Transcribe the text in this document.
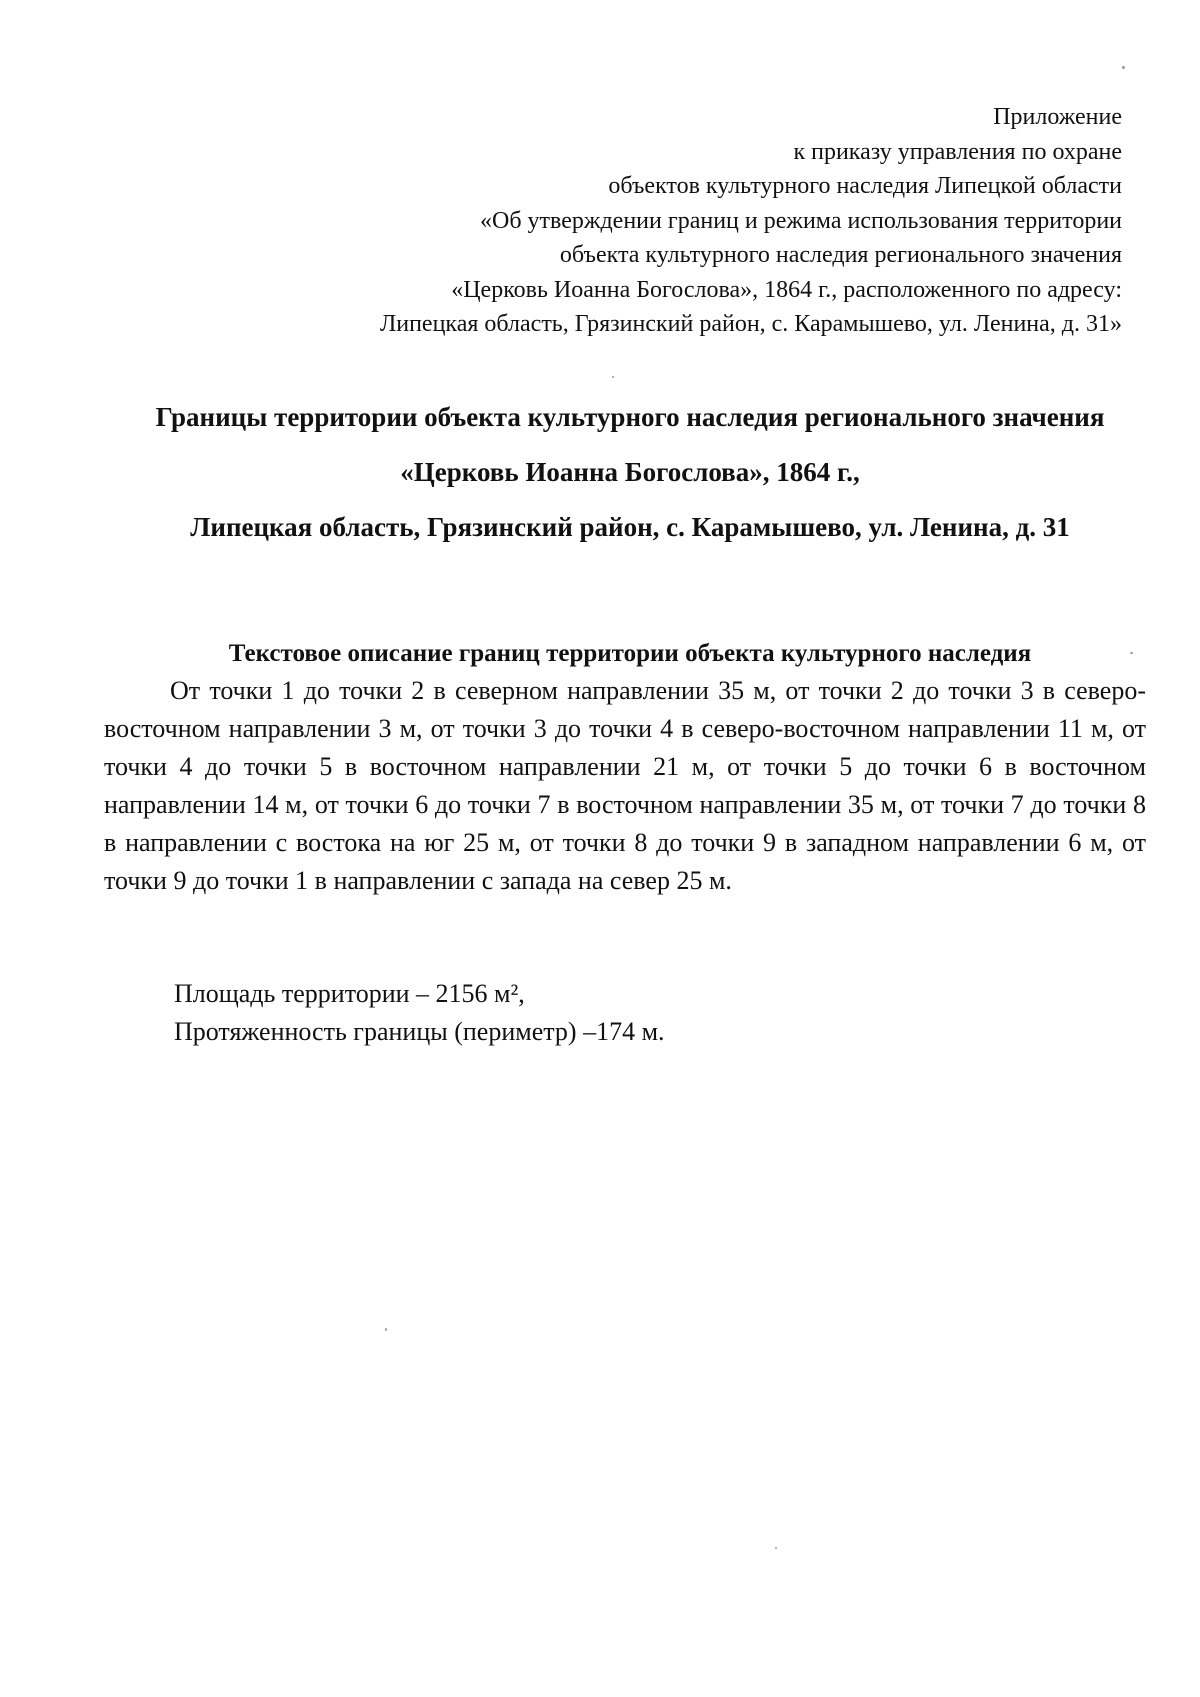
Приложение
к приказу управления по охране
объектов культурного наследия Липецкой области
«Об утверждении границ и режима использования территории
объекта культурного наследия регионального значения
«Церковь Иоанна Богослова», 1864 г., расположенного по адресу:
Липецкая область, Грязинский район, с. Карамышево, ул. Ленина, д. 31»
Границы территории объекта культурного наследия регионального значения
«Церковь Иоанна Богослова», 1864 г.,
Липецкая область, Грязинский район, с. Карамышево, ул. Ленина, д. 31
Текстовое описание границ территории объекта культурного наследия

От точки 1 до точки 2 в северном направлении 35 м, от точки 2 до точки 3 в северо-восточном направлении 3 м, от точки 3 до точки 4 в северо-восточном направлении 11 м, от точки 4 до точки 5 в восточном направлении 21 м, от точки 5 до точки 6 в восточном направлении 14 м, от точки 6 до точки 7 в восточном направлении 35 м, от точки 7 до точки 8 в направлении с востока на юг 25 м, от точки 8 до точки 9 в западном направлении 6 м, от точки 9 до точки 1 в направлении с запада на север 25 м.

Площадь территории – 2156 м²,
Протяженность границы (периметр) –174 м.
